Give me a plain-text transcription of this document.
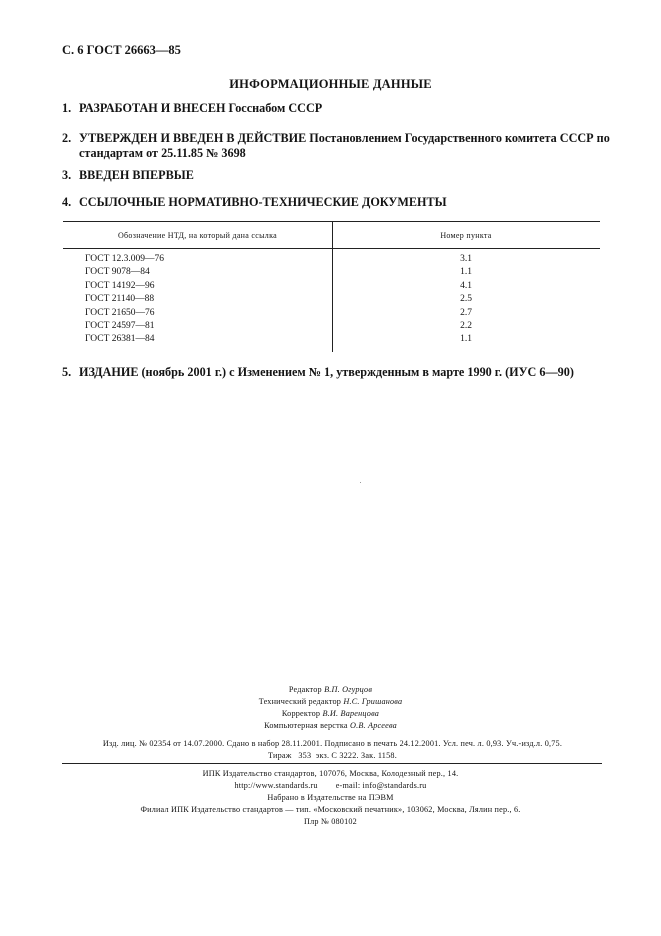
С. 6 ГОСТ 26663—85
ИНФОРМАЦИОННЫЕ ДАННЫЕ
1. РАЗРАБОТАН И ВНЕСЕН Госснабом СССР
2. УТВЕРЖДЕН И ВВЕДЕН В ДЕЙСТВИЕ Постановлением Государственного комитета СССР по стандартам от 25.11.85 № 3698
3. ВВЕДЕН ВПЕРВЫЕ
4. ССЫЛОЧНЫЕ НОРМАТИВНО-ТЕХНИЧЕСКИЕ ДОКУМЕНТЫ
Обозначение НТД, на который дана ссылка	Номер пункта
ГОСТ 12.3.009—76	3.1
ГОСТ 9078—84	1.1
ГОСТ 14192—96	4.1
ГОСТ 21140—88	2.5
ГОСТ 21650—76	2.7
ГОСТ 24597—81	2.2
ГОСТ 26381—84	1.1
5. ИЗДАНИЕ (ноябрь 2001 г.) с Изменением № 1, утвержденным в марте 1990 г. (ИУС 6—90)
Редактор В.П. Огурцов
Технический редактор Н.С. Гришанова
Корректор В.И. Варенцова
Компьютерная верстка О.В. Арсеева
Изд. лиц. № 02354 от 14.07.2000. Сдано в набор 28.11.2001. Подписано в печать 24.12.2001. Усл. печ. л. 0,93. Уч.-изд.л. 0,75.
Тираж   353  экз. С 3222. Зак. 1158.
ИПК Издательство стандартов, 107076, Москва, Колодезный пер., 14.
http://www.standards.ru e-mail: info@standards.ru
Набрано в Издательстве на ПЭВМ
Филиал ИПК Издательство стандартов — тип. «Московский печатник», 103062, Москва, Лялин пер., 6.
Плр № 080102
